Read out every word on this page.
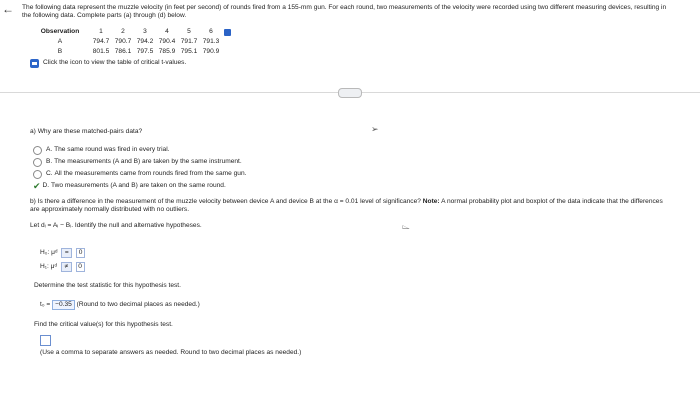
← The following data represent the muzzle velocity (in feet per second) of rounds fired from a 155-mm gun. For each round, two measurements of the velocity were recorded using two different measuring devices, resulting in the following data. Complete parts (a) through (d) below.
Observation	1	2	3	4	5	6
A	794.7 790.7 794.2 790.4 791.7 791.3
B	801.5 786.1 797.5 785.9 795.1 790.9
Click the icon to view the table of critical t-values.
a) Why are these matched-pairs data?
A.
The same round was fired in every trial.
B.
The measurements (A and B) are taken by the same instrument.
C.
All the measurements came from rounds fired from the same gun.
✔ D.
Two measurements (A and B) are taken on the same round.
➢
b) Is there a difference in the measurement of the muzzle velocity between device A and device B at the α = 0.01 level of significance? Note: A normal probability plot and boxplot of the data indicate that the differences are approximately normally distributed with no outliers.
Let dᵢ = Aᵢ − Bᵢ. Identify the null and alternative hypotheses.	⌳
H₀: μᵈ = 0
H₁: μᵈ ≠ 0
Determine the test statistic for this hypothesis test.
t₀ = −0.35 (Round to two decimal places as needed.)
Find the critical value(s) for this hypothesis test.
(Use a comma to separate answers as needed. Round to two decimal places as needed.)
